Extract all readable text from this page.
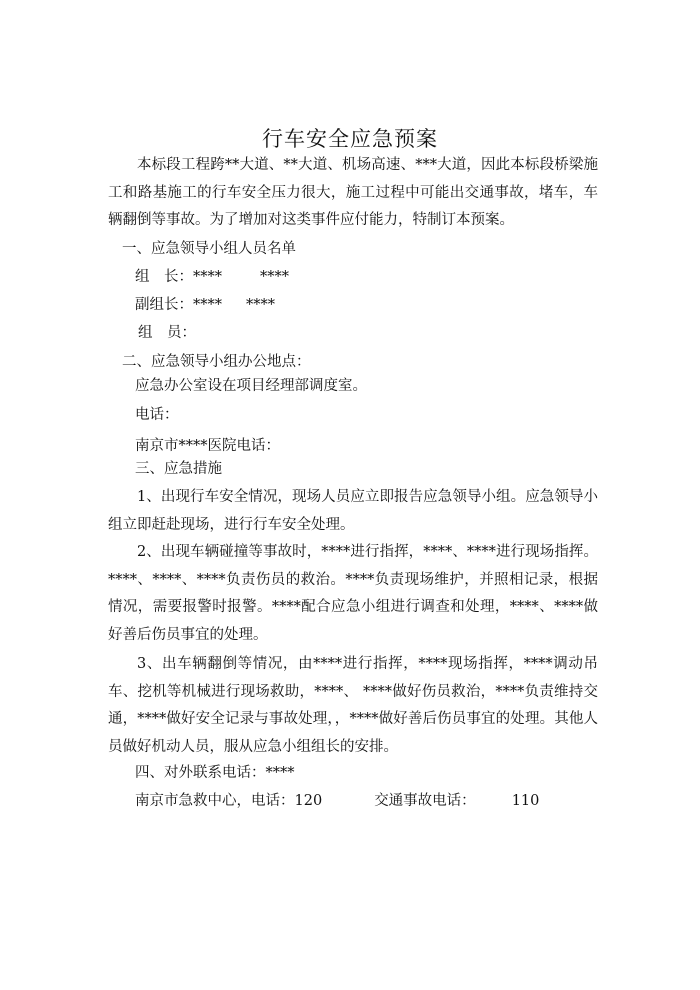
行车安全应急预案

本标段工程跨**大道、**大道、机场高速、***大道，因此本标段桥梁施工和路基施工的行车安全压力很大，施工过程中可能出交通事故，堵车，车辆翻倒等事故。为了增加对这类事件应付能力，特制订本预案。

一、应急领导小组人员名单
组　长：****	****
副组长：**** ****
组　员：
二、应急领导小组办公地点：
应急办公室设在项目经理部调度室。
电话：
南京市****医院电话：
三、应急措施

1、出现行车安全情况，现场人员应立即报告应急领导小组。应急领导小组立即赶赴现场，进行行车安全处理。

2、出现车辆碰撞等事故时，****进行指挥，****、****进行现场指挥。****、****、****负责伤员的救治。****负责现场维护，并照相记录，根据情况，需要报警时报警。****配合应急小组进行调查和处理，****、****做好善后伤员事宜的处理。

3、出车辆翻倒等情况，由****进行指挥，****现场指挥，****调动吊车、挖机等机械进行现场救助，****、 ****做好伤员救治，****负责维持交通，****做好安全记录与事故处理，，****做好善后伤员事宜的处理。其他人员做好机动人员，服从应急小组组长的安排。

四、对外联系电话：****
南京市急救中心，电话：120	交通事故电话： 110
